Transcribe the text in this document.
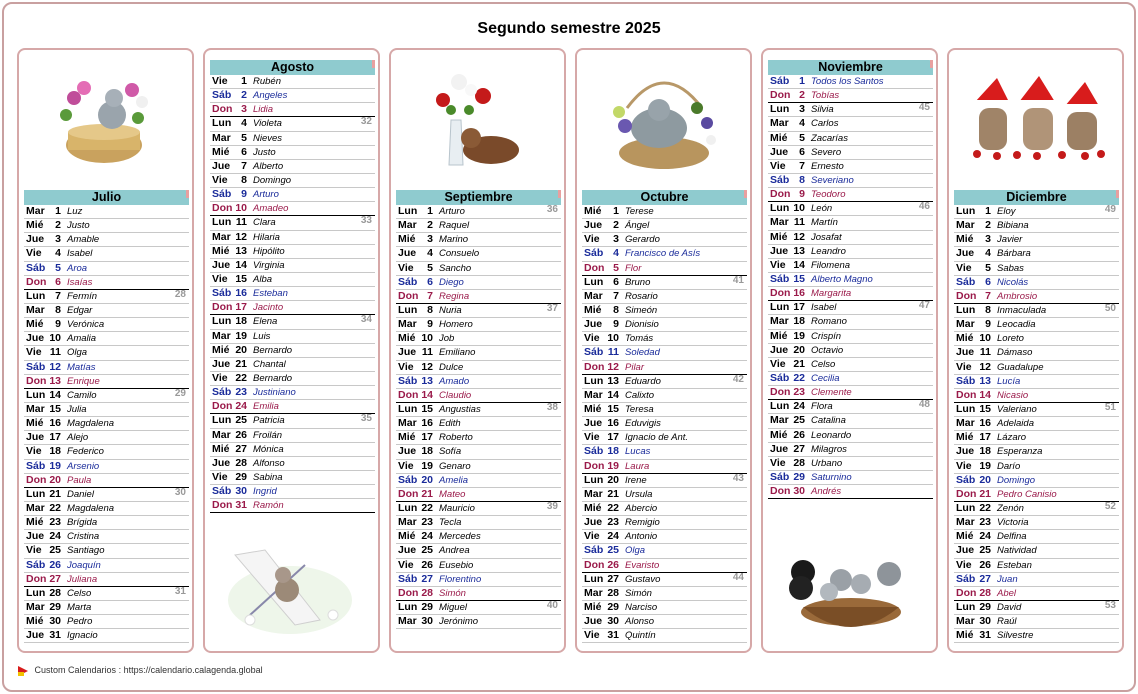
Segundo semestre 2025
Julio
Mar 1 Luz
Mié	2 Justo
Jue	3 Amable
Vie	4 Isabel
Sáb 5 Aroa
Don 6 Isaías
Lun 7 Fermín	28
Mar 8 Edgar
Mié	9 Verónica
Jue 10 Amalia
Vie 11 Olga
Sáb 12 Matías
Don 13 Enrique
Lun 14 Camilo	29
Mar 15 Julia
Mié 16 Magdalena
Jue 17 Alejo
Vie 18 Federico
Sáb 19 Arsenio
Don 20 Paula
Lun 21 Daniel	30
Mar 22 Magdalena
Mié 23 Brígida
Jue 24 Cristina
Vie 25 Santiago
Sáb 26 Joaquín
Don 27 Juliana
Lun 28 Celso	31
Mar 29 Marta
Mié 30 Pedro
Jue 31 Ignacio
Agosto
Vie	1 Rubén
Sáb 2 Angeles
Don 3 Lidia
Lun 4 Violeta	32
Mar 5 Nieves
Mié	6 Justo
Jue	7 Alberto
Vie	8 Domingo
Sáb 9 Arturo
Don 10 Amadeo
Lun 11 Clara	33
Mar 12 Hilaria
Mié 13 Hipólito
Jue 14 Virginia
Vie 15 Alba
Sáb 16 Esteban
Don 17 Jacinto
Lun 18 Elena	34
Mar 19 Luis
Mié 20 Bernardo
Jue 21 Chantal
Vie 22 Bernardo
Sáb 23 Justiniano
Don 24 Emilia
Lun 25 Patricia	35
Mar 26 Froilán
Mié 27 Mónica
Jue 28 Alfonso
Vie 29 Sabina
Sáb 30 Ingrid
Don 31 Ramón
Septiembre
Lun 1 Arturo	36
Mar 2 Raquel
Mié	3 Marino
Jue	4 Consuelo
Vie	5 Sancho
Sáb 6 Diego
Don 7 Regina
Lun 8 Nuria	37
Mar 9 Homero
Mié 10 Job
Jue 11 Emiliano
Vie 12 Dulce
Sáb 13 Amado
Don 14 Claudio
Lun 15 Angustias	38
Mar 16 Edith
Mié 17 Roberto
Jue 18 Sofía
Vie 19 Genaro
Sáb 20 Amelia
Don 21 Mateo
Lun 22 Mauricio	39
Mar 23 Tecla
Mié 24 Mercedes
Jue 25 Andrea
Vie 26 Eusebio
Sáb 27 Florentino
Don 28 Simón
Lun 29 Miguel	40
Mar 30 Jerónimo
Octubre
Mié	1 Terese
Jue	2 Ángel
Vie	3 Gerardo
Sáb 4 Francisco de Asís
Don 5 Flor
Lun 6 Bruno	41
Mar 7 Rosario
Mié	8 Simeón
Jue	9 Dionisio
Vie 10 Tomás
Sáb 11 Soledad
Don 12 Pilar
Lun 13 Eduardo	42
Mar 14 Calixto
Mié 15 Teresa
Jue 16 Eduvigis
Vie 17 Ignacio de Ant.
Sáb 18 Lucas
Don 19 Laura
Lun 20 Irene	43
Mar 21 Ursula
Mié 22 Abercio
Jue 23 Remigio
Vie 24 Antonio
Sáb 25 Olga
Don 26 Evaristo
Lun 27 Gustavo	44
Mar 28 Simón
Mié 29 Narciso
Jue 30 Alonso
Vie 31 Quintín
Noviembre
Sáb 1 Todos los Santos
Don 2 Tobías
Lun 3 Silvia	45
Mar 4 Carlos
Mié	5 Zacarías
Jue	6 Severo
Vie	7 Ernesto
Sáb 8 Severiano
Don 9 Teodoro
Lun 10 León	46
Mar 11 Martín
Mié 12 Josafat
Jue 13 Leandro
Vie 14 Filomena
Sáb 15 Alberto Magno
Don 16 Margarita
Lun 17 Isabel	47
Mar 18 Romano
Mié 19 Crispín
Jue 20 Octavio
Vie 21 Celso
Sáb 22 Cecilia
Don 23 Clemente
Lun 24 Flora	48
Mar 25 Catalina
Mié 26 Leonardo
Jue 27 Milagros
Vie 28 Urbano
Sáb 29 Saturnino
Don 30 Andrés
Diciembre
Lun 1 Eloy	49
Mar 2 Bibiana
Mié	3 Javier
Jue	4 Bárbara
Vie	5 Sabas
Sáb 6 Nicolás
Don 7 Ambrosio
Lun 8 Inmaculada	50
Mar 9 Leocadia
Mié 10 Loreto
Jue 11 Dámaso
Vie 12 Guadalupe
Sáb 13 Lucía
Don 14 Nicasio
Lun 15 Valeriano	51
Mar 16 Adelaida
Mié 17 Lázaro
Jue 18 Esperanza
Vie 19 Darío
Sáb 20 Domingo
Don 21 Pedro Canisio
Lun 22 Zenón	52
Mar 23 Victoria
Mié 24 Delfina
Jue 25 Natividad
Vie 26 Esteban
Sáb 27 Juan
Don 28 Abel
Lun 29 David	53
Mar 30 Raúl
Mié 31 Silvestre
Custom Calendarios : https://calendario.calagenda.global
